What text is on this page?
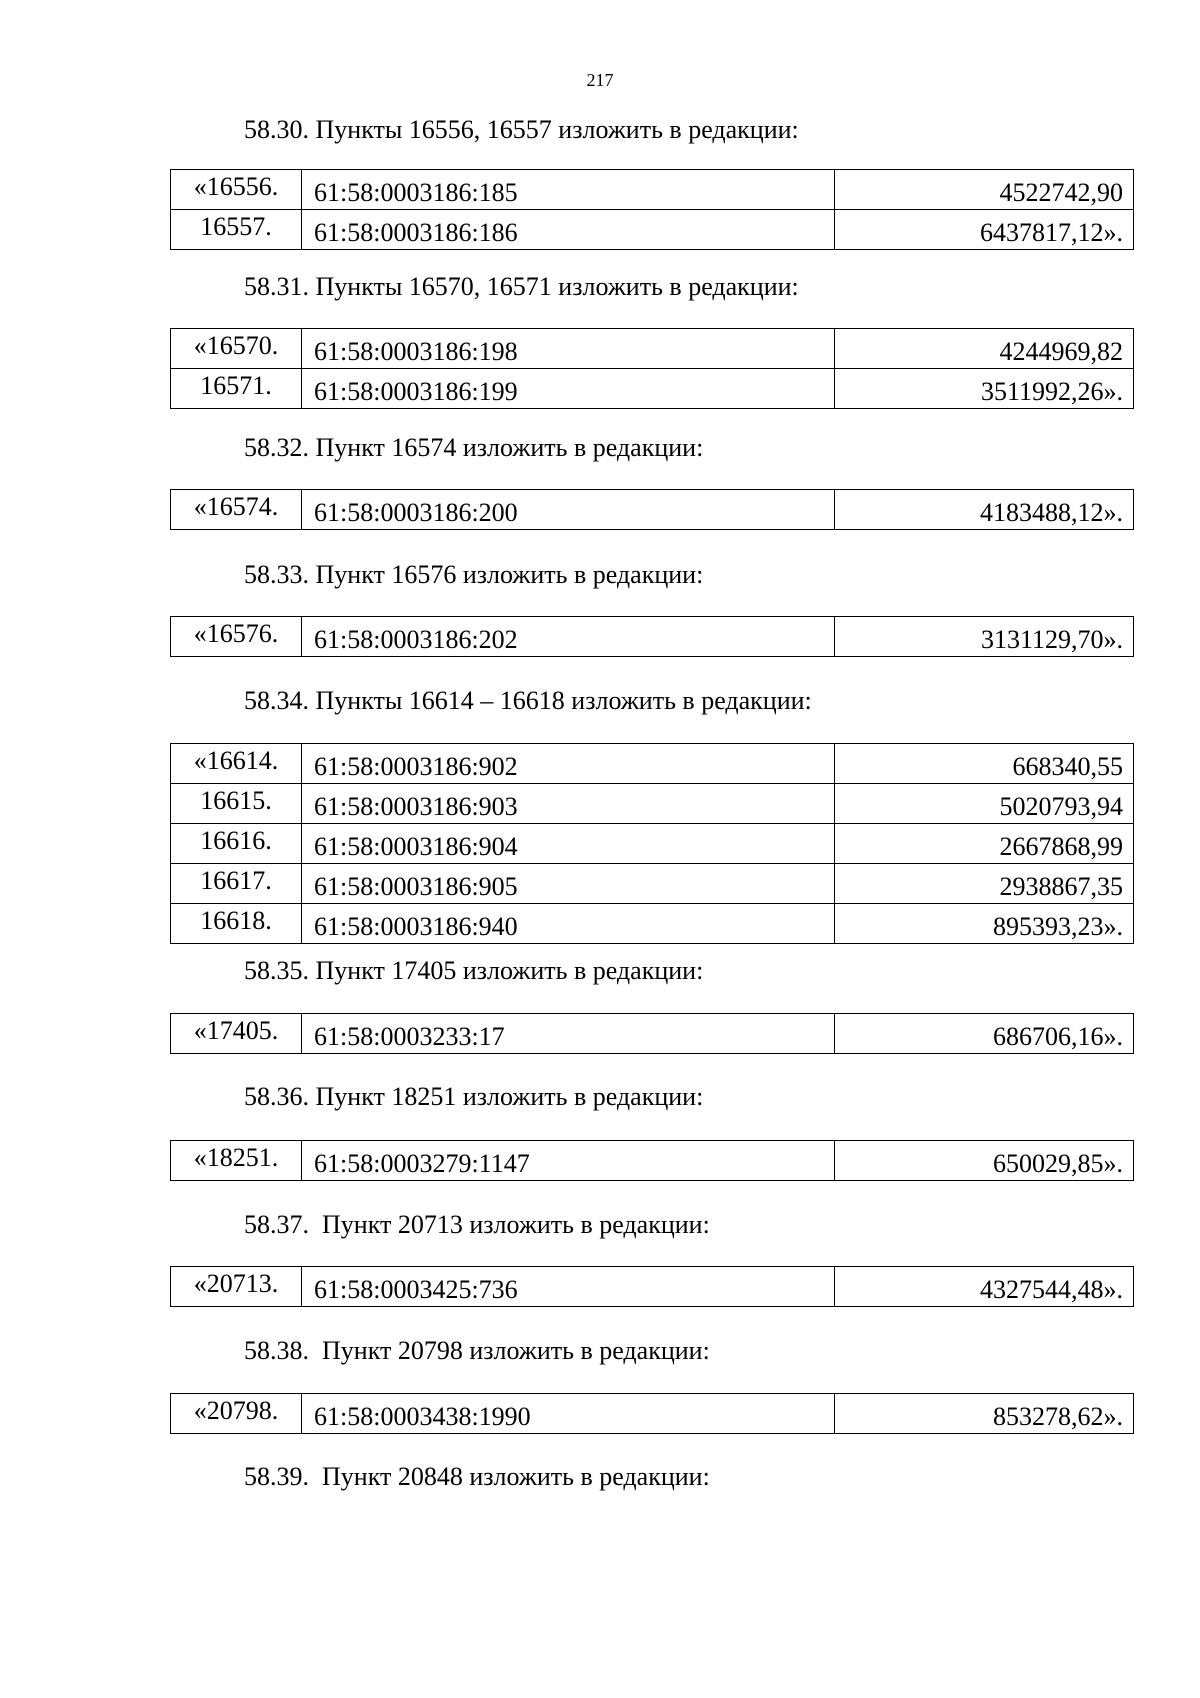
217
58.30. Пункты 16556, 16557 изложить в редакции:
«16556.	61:58:0003186:185	4522742,90
16557.	61:58:0003186:186	6437817,12».
58.31. Пункты 16570, 16571 изложить в редакции:
«16570.	61:58:0003186:198	4244969,82
16571.	61:58:0003186:199	3511992,26».
58.32. Пункт 16574 изложить в редакции:
«16574.	61:58:0003186:200	4183488,12».
58.33. Пункт 16576 изложить в редакции:
«16576.	61:58:0003186:202	3131129,70».
58.34. Пункты 16614 – 16618 изложить в редакции:
«16614.	61:58:0003186:902	668340,55
16615.	61:58:0003186:903	5020793,94
16616.	61:58:0003186:904	2667868,99
16617.	61:58:0003186:905	2938867,35
16618.	61:58:0003186:940	895393,23».
58.35. Пункт 17405 изложить в редакции:
«17405.	61:58:0003233:17	686706,16».
58.36. Пункт 18251 изложить в редакции:
«18251.	61:58:0003279:1147	650029,85».
58.37.  Пункт 20713 изложить в редакции:
«20713.	61:58:0003425:736	4327544,48».
58.38.  Пункт 20798 изложить в редакции:
«20798.	61:58:0003438:1990	853278,62».
58.39.  Пункт 20848 изложить в редакции:
